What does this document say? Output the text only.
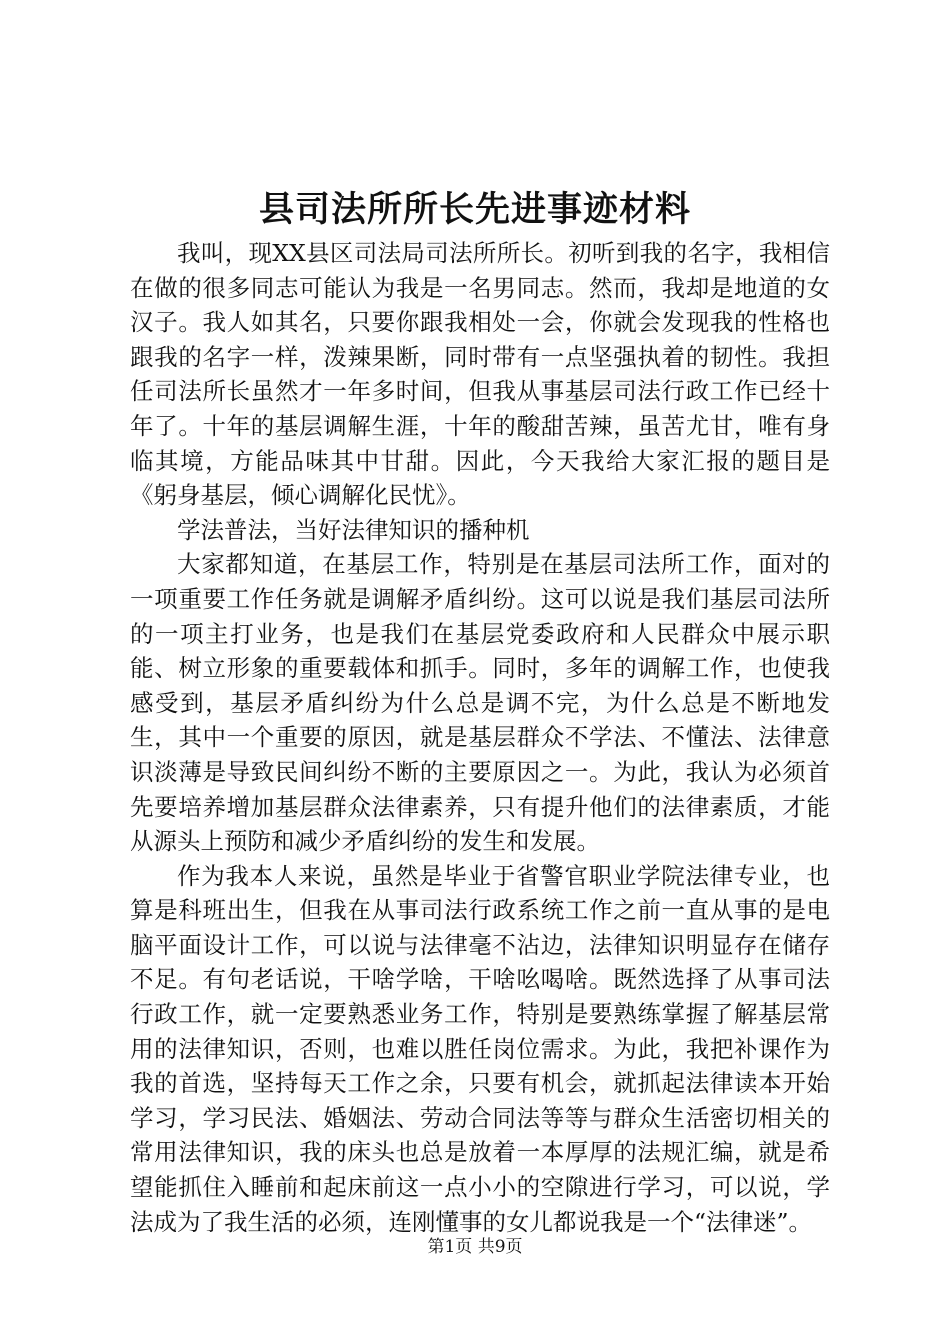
县司法所所长先进事迹材料

我叫，现XX县区司法局司法所所长。初听到我的名字，我相信在做的很多同志可能认为我是一名男同志。然而，我却是地道的女汉子。我人如其名，只要你跟我相处一会，你就会发现我的性格也跟我的名字一样，泼辣果断，同时带有一点坚强执着的韧性。我担任司法所长虽然才一年多时间，但我从事基层司法行政工作已经十年了。十年的基层调解生涯，十年的酸甜苦辣，虽苦尤甘，唯有身临其境，方能品味其中甘甜。因此，今天我给大家汇报的题目是《躬身基层，倾心调解化民忧》。

学法普法，当好法律知识的播种机

大家都知道，在基层工作，特别是在基层司法所工作，面对的一项重要工作任务就是调解矛盾纠纷。这可以说是我们基层司法所的一项主打业务，也是我们在基层党委政府和人民群众中展示职能、树立形象的重要载体和抓手。同时，多年的调解工作，也使我感受到，基层矛盾纠纷为什么总是调不完，为什么总是不断地发生，其中一个重要的原因，就是基层群众不学法、不懂法、法律意识淡薄是导致民间纠纷不断的主要原因之一。为此，我认为必须首先要培养增加基层群众法律素养，只有提升他们的法律素质，才能从源头上预防和减少矛盾纠纷的发生和发展。

作为我本人来说，虽然是毕业于省警官职业学院法律专业，也算是科班出生，但我在从事司法行政系统工作之前一直从事的是电脑平面设计工作，可以说与法律毫不沾边，法律知识明显存在储存不足。有句老话说，干啥学啥，干啥吆喝啥。既然选择了从事司法行政工作，就一定要熟悉业务工作，特别是要熟练掌握了解基层常用的法律知识，否则，也难以胜任岗位需求。为此，我把补课作为我的首选，坚持每天工作之余，只要有机会，就抓起法律读本开始学习，学习民法、婚姻法、劳动合同法等等与群众生活密切相关的常用法律知识，我的床头也总是放着一本厚厚的法规汇编，就是希望能抓住入睡前和起床前这一点小小的空隙进行学习，可以说，学法成为了我生活的必须，连刚懂事的女儿都说我是一个“法律迷”。

第1页 共9页
